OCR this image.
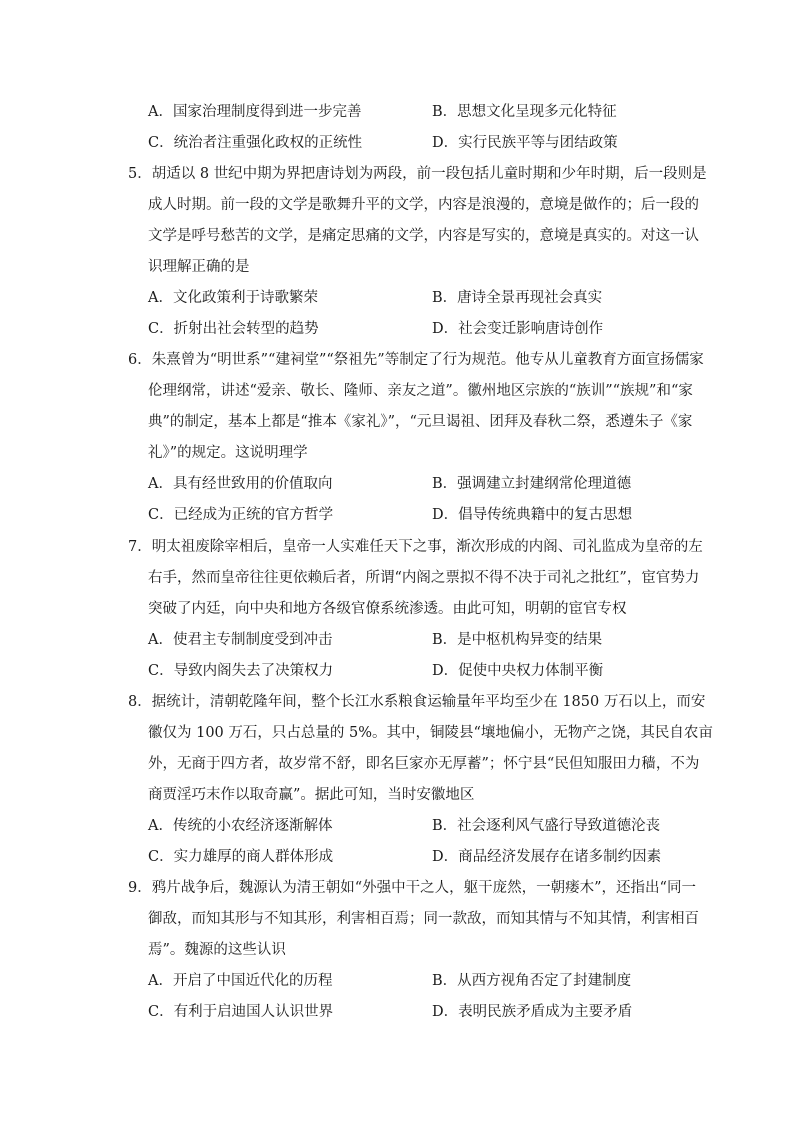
A．国家治理制度得到进一步完善	B．思想文化呈现多元化特征
C．统治者注重强化政权的正统性	D．实行民族平等与团结政策
5．胡适以 8 世纪中期为界把唐诗划为两段，前一段包括儿童时期和少年时期，后一段则是
成人时期。前一段的文学是歌舞升平的文学，内容是浪漫的，意境是做作的；后一段的
文学是呼号愁苦的文学，是痛定思痛的文学，内容是写实的，意境是真实的。对这一认
识理解正确的是
A．文化政策利于诗歌繁荣	B．唐诗全景再现社会真实
C．折射出社会转型的趋势	D．社会变迁影响唐诗创作
6．朱熹曾为“明世系”“建祠堂”“祭祖先”等制定了行为规范。他专从儿童教育方面宣扬儒家
伦理纲常，讲述“爱亲、敬长、隆师、亲友之道”。徽州地区宗族的“族训”“族规”和“家
典”的制定，基本上都是“推本《家礼》”，“元旦谒祖、团拜及春秋二祭，悉遵朱子《家
礼》”的规定。这说明理学
A．具有经世致用的价值取向	B．强调建立封建纲常伦理道德
C．已经成为正统的官方哲学	D．倡导传统典籍中的复古思想
7．明太祖废除宰相后，皇帝一人实难任天下之事，渐次形成的内阁、司礼监成为皇帝的左
右手，然而皇帝往往更依赖后者，所谓“内阁之票拟不得不决于司礼之批红”，宦官势力
突破了内廷，向中央和地方各级官僚系统渗透。由此可知，明朝的宦官专权
A．使君主专制制度受到冲击	B．是中枢机构异变的结果
C．导致内阁失去了决策权力	D．促使中央权力体制平衡
8．据统计，清朝乾隆年间，整个长江水系粮食运输量年平均至少在 1850 万石以上，而安
徽仅为 100 万石，只占总量的 5%。其中，铜陵县“壤地偏小，无物产之饶，其民自农亩
外，无商于四方者，故岁常不舒，即名巨家亦无厚蓄”；怀宁县“民但知服田力穑，不为
商贾淫巧末作以取奇赢”。据此可知，当时安徽地区
A．传统的小农经济逐渐解体	B．社会逐利风气盛行导致道德沦丧
C．实力雄厚的商人群体形成	D．商品经济发展存在诸多制约因素
9．鸦片战争后，魏源认为清王朝如“外强中干之人，躯干庞然，一朝瘘木”，还指出“同一
御敌，而知其形与不知其形，利害相百焉；同一款敌，而知其情与不知其情，利害相百
焉”。魏源的这些认识
A．开启了中国近代化的历程	B．从西方视角否定了封建制度
C．有利于启迪国人认识世界	D．表明民族矛盾成为主要矛盾
